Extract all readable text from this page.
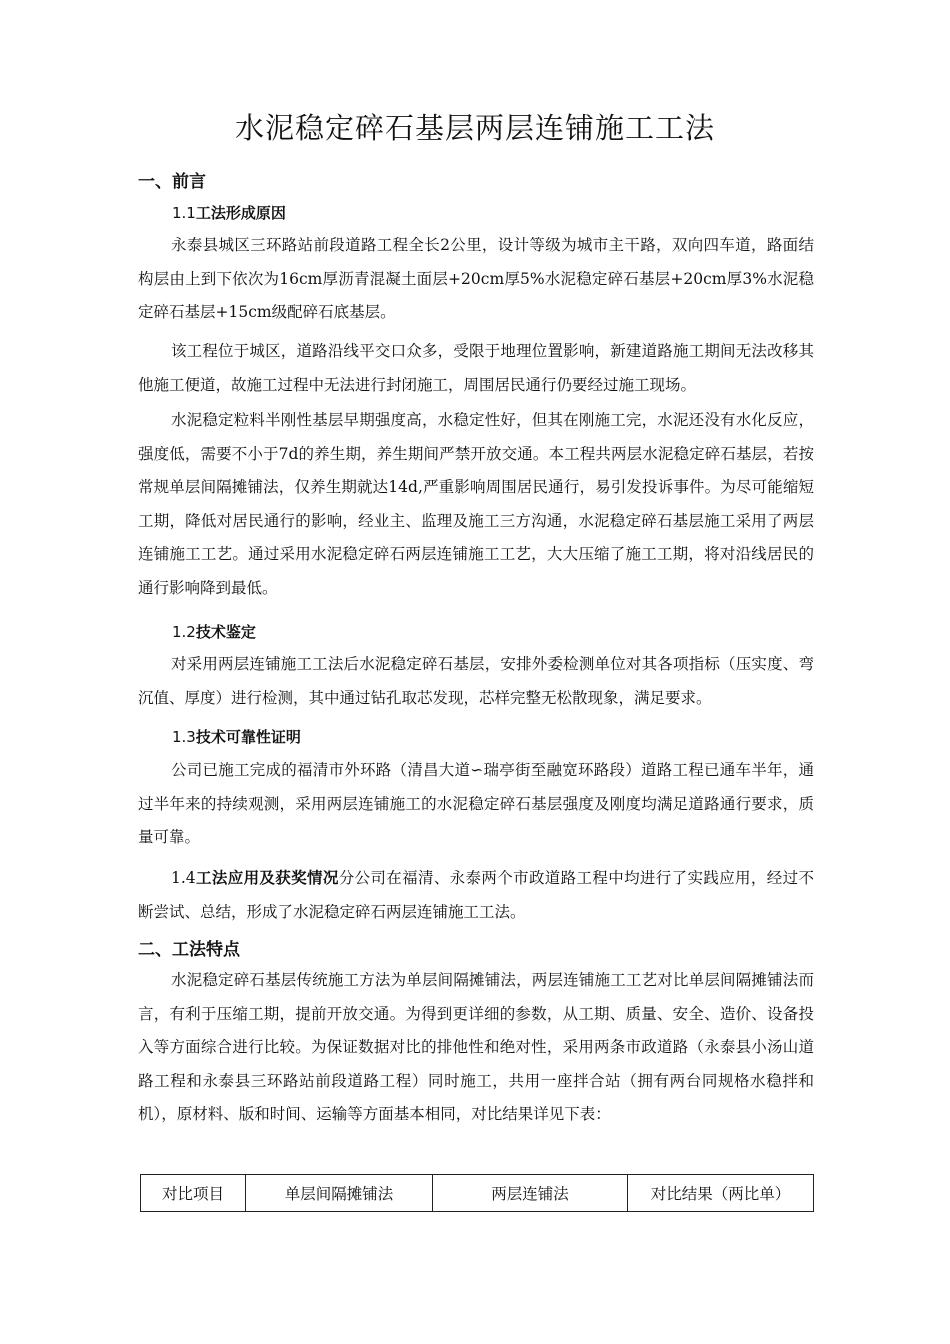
水泥稳定碎石基层两层连铺施工工法
一、前言
1.1工法形成原因
永泰县城区三环路站前段道路工程全长2公里，设计等级为城市主干路，双向四车道，路面结构层由上到下依次为16cm厚沥青混凝土面层+20cm厚5%水泥稳定碎石基层+20cm厚3%水泥稳定碎石基层+15cm级配碎石底基层。
该工程位于城区，道路沿线平交口众多，受限于地理位置影响，新建道路施工期间无法改移其他施工便道，故施工过程中无法进行封闭施工，周围居民通行仍要经过施工现场。
水泥稳定粒料半刚性基层早期强度高，水稳定性好，但其在刚施工完，水泥还没有水化反应，强度低，需要不小于7d的养生期，养生期间严禁开放交通。本工程共两层水泥稳定碎石基层，若按常规单层间隔摊铺法，仅养生期就达14d,严重影响周围居民通行，易引发投诉事件。为尽可能缩短工期，降低对居民通行的影响，经业主、监理及施工三方沟通，水泥稳定碎石基层施工采用了两层连铺施工工艺。通过采用水泥稳定碎石两层连铺施工工艺，大大压缩了施工工期，将对沿线居民的通行影响降到最低。
1.2技术鉴定
对采用两层连铺施工工法后水泥稳定碎石基层，安排外委检测单位对其各项指标（压实度、弯沉值、厚度）进行检测，其中通过钻孔取芯发现，芯样完整无松散现象，满足要求。
1.3技术可靠性证明
公司已施工完成的福清市外环路（清昌大道∽瑞亭街至融宽环路段）道路工程已通车半年，通过半年来的持续观测，采用两层连铺施工的水泥稳定碎石基层强度及刚度均满足道路通行要求，质量可靠。
1.4工法应用及获奖情况分公司在福清、永泰两个市政道路工程中均进行了实践应用，经过不断尝试、总结，形成了水泥稳定碎石两层连铺施工工法。
二、工法特点
水泥稳定碎石基层传统施工方法为单层间隔摊铺法，两层连铺施工工艺对比单层间隔摊铺法而言，有利于压缩工期，提前开放交通。为得到更详细的参数，从工期、质量、安全、造价、设备投入等方面综合进行比较。为保证数据对比的排他性和绝对性，采用两条市政道路（永泰县小汤山道路工程和永泰县三环路站前段道路工程）同时施工，共用一座拌合站（拥有两台同规格水稳拌和机），原材料、版和时间、运输等方面基本相同，对比结果详见下表：
对比项目	单层间隔摊铺法	两层连铺法	对比结果（两比单）
